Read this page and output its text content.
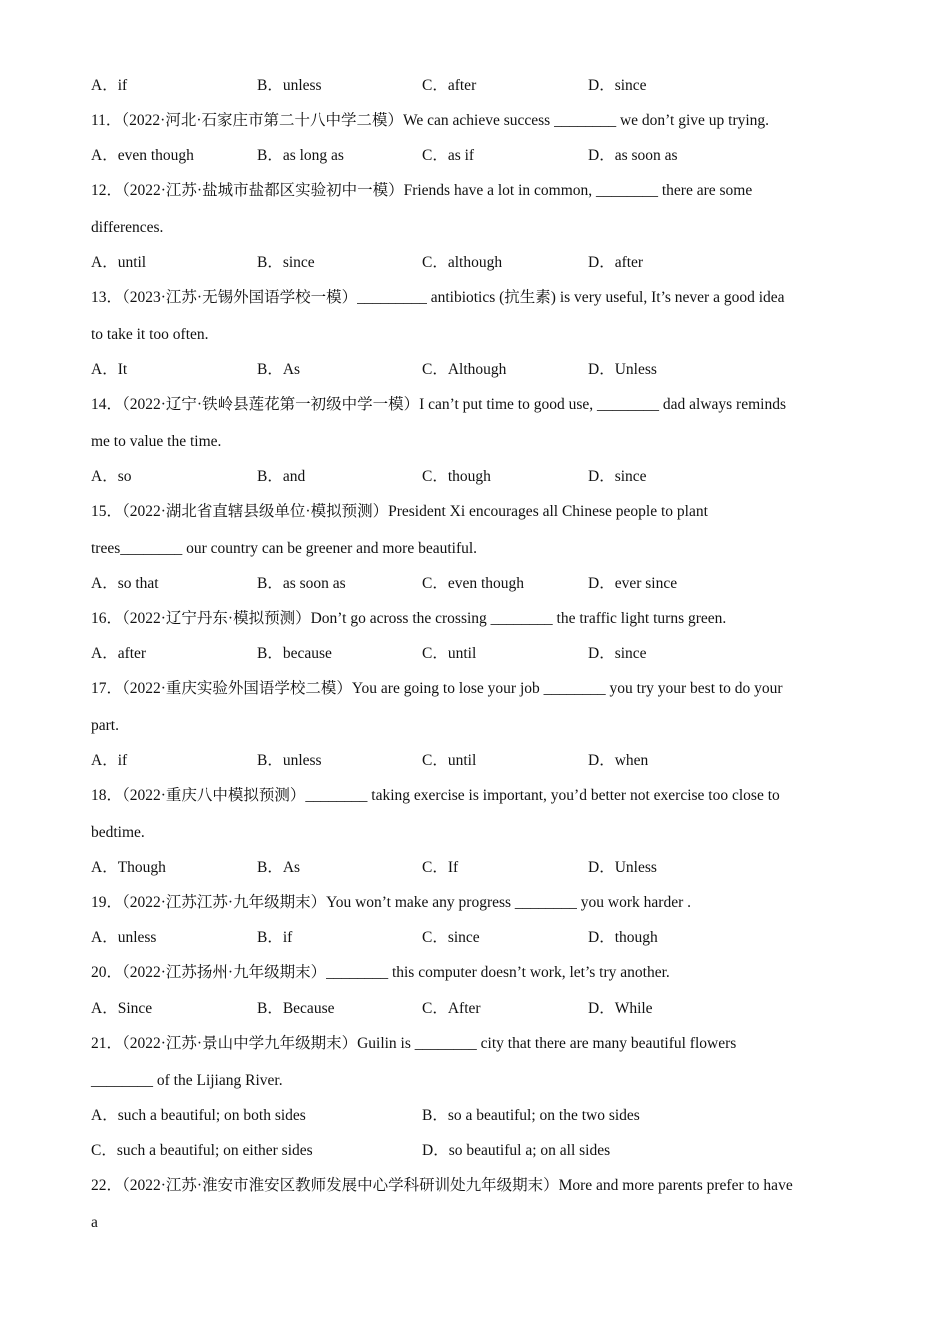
A．if	B．unless	C．after	D．since
11．（2022·河北·石家庄市第二十八中学二模）We can achieve success ________ we don’t give up trying.
A．even though	B．as long as	C．as if	D．as soon as
12．（2022·江苏·盐城市盐都区实验初中一模）Friends have a lot in common, ________ there are some
differences.
A．until	B．since	C．although	D．after
13．（2023·江苏·无锡外国语学校一模）_________ antibiotics (抗生素) is very useful, It’s never a good idea
to take it too often.
A．It	B．As	C．Although	D．Unless
14．（2022·辽宁·铁岭县莲花第一初级中学一模）I can’t put time to good use, ________ dad always reminds
me to value the time.
A．so	B．and	C．though	D．since
15．（2022·湖北省直辖县级单位·模拟预测）President Xi encourages all Chinese people to plant
trees________ our country can be greener and more beautiful.
A．so that	B．as soon as	C．even though	D．ever since
16．（2022·辽宁丹东·模拟预测）Don’t go across the crossing ________ the traffic light turns green.
A．after	B．because	C．until	D．since
17．（2022·重庆实验外国语学校二模）You are going to lose your job ________ you try your best to do your
part.
A．if	B．unless	C．until	D．when
18．（2022·重庆八中模拟预测）________ taking exercise is important, you’d better not exercise too close to
bedtime.
A．Though	B．As	C．If	D．Unless
19．（2022·江苏江苏·九年级期末）You won’t make any progress ________ you work harder .
A．unless	B．if	C．since	D．though
20．（2022·江苏扬州·九年级期末）________ this computer doesn’t work, let’s try another.
A．Since	B．Because	C．After	D．While
21．（2022·江苏·景山中学九年级期末）Guilin is ________ city that there are many beautiful flowers
________ of the Lijiang River.
A．such a beautiful; on both sides	B．so a beautiful; on the two sides
C．such a beautiful; on either sides	D．so beautiful a; on all sides
22．（2022·江苏·淮安市淮安区教师发展中心学科研训处九年级期末）More and more parents prefer to have
a
